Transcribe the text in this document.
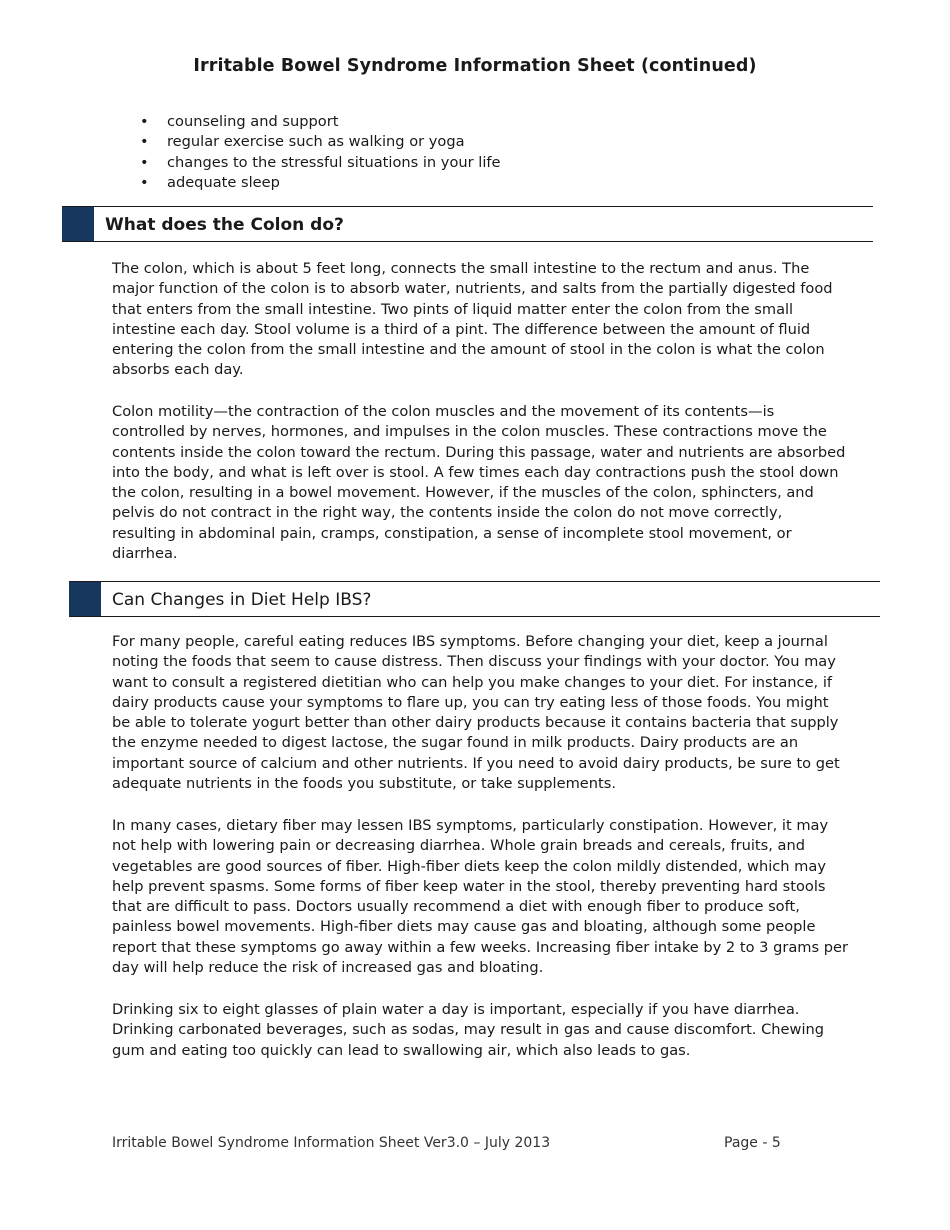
Irritable Bowel Syndrome Information Sheet (continued)
• counseling and support
• regular exercise such as walking or yoga
• changes to the stressful situations in your life
• adequate sleep
What does the Colon do?

The colon, which is about 5 feet long, connects the small intestine to the rectum and anus. The major function of the colon is to absorb water, nutrients, and salts from the partially digested food that enters from the small intestine. Two pints of liquid matter enter the colon from the small intestine each day. Stool volume is a third of a pint. The difference between the amount of fluid entering the colon from the small intestine and the amount of stool in the colon is what the colon absorbs each day.

Colon motility—the contraction of the colon muscles and the movement of its contents—is controlled by nerves, hormones, and impulses in the colon muscles. These contractions move the contents inside the colon toward the rectum. During this passage, water and nutrients are absorbed into the body, and what is left over is stool. A few times each day contractions push the stool down the colon, resulting in a bowel movement. However, if the muscles of the colon, sphincters, and pelvis do not contract in the right way, the contents inside the colon do not move correctly, resulting in abdominal pain, cramps, constipation, a sense of incomplete stool movement, or diarrhea.

Can Changes in Diet Help IBS?

For many people, careful eating reduces IBS symptoms. Before changing your diet, keep a journal noting the foods that seem to cause distress. Then discuss your findings with your doctor. You may want to consult a registered dietitian who can help you make changes to your diet. For instance, if dairy products cause your symptoms to flare up, you can try eating less of those foods. You might be able to tolerate yogurt better than other dairy products because it contains bacteria that supply the enzyme needed to digest lactose, the sugar found in milk products. Dairy products are an important source of calcium and other nutrients. If you need to avoid dairy products, be sure to get adequate nutrients in the foods you substitute, or take supplements.

In many cases, dietary fiber may lessen IBS symptoms, particularly constipation. However, it may not help with lowering pain or decreasing diarrhea. Whole grain breads and cereals, fruits, and vegetables are good sources of fiber. High-fiber diets keep the colon mildly distended, which may help prevent spasms. Some forms of fiber keep water in the stool, thereby preventing hard stools that are difficult to pass. Doctors usually recommend a diet with enough fiber to produce soft, painless bowel movements. High-fiber diets may cause gas and bloating, although some people report that these symptoms go away within a few weeks. Increasing fiber intake by 2 to 3 grams per day will help reduce the risk of increased gas and bloating.

Drinking six to eight glasses of plain water a day is important, especially if you have diarrhea. Drinking carbonated beverages, such as sodas, may result in gas and cause discomfort. Chewing gum and eating too quickly can lead to swallowing air, which also leads to gas.

Irritable Bowel Syndrome Information Sheet Ver3.0 – July 2013	Page - 5
